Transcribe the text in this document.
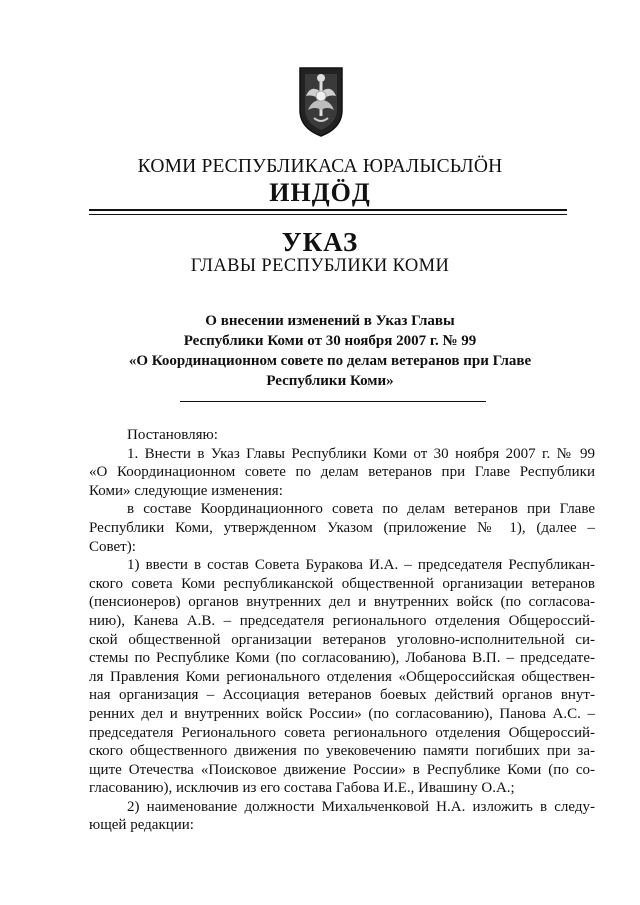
КОМИ РЕСПУБЛИКАСА ЮРАЛЫСЬЛÖН
ИНДÖД
УКАЗ
ГЛАВЫ РЕСПУБЛИКИ КОМИ
О внесении изменений в Указ Главы
Республики Коми от 30 ноября 2007 г. № 99
«О Координационном совете по делам ветеранов при Главе
Республики Коми»
Постановляю:
1. Внести в Указ Главы Республики Коми от 30 ноября 2007 г. № 99
«О Координационном совете по делам ветеранов при Главе Республики
Коми» следующие изменения:
в составе Координационного совета по делам ветеранов при Главе
Республики Коми, утвержденном Указом (приложение № 1), (далее –
Совет):
1) ввести в состав Совета Буракова И.А. – председателя Республикан-
ского совета Коми республиканской общественной организации ветеранов
(пенсионеров) органов внутренних дел и внутренних войск (по согласова-
нию), Канева А.В. – председателя регионального отделения Общероссий-
ской общественной организации ветеранов уголовно-исполнительной си-
стемы по Республике Коми (по согласованию), Лобанова В.П. – председате-
ля Правления Коми регионального отделения «Общероссийская обществен-
ная организация – Ассоциация ветеранов боевых действий органов внут-
ренних дел и внутренних войск России» (по согласованию), Панова А.С. –
председателя Регионального совета регионального отделения Общероссий-
ского общественного движения по увековечению памяти погибших при за-
щите Отечества «Поисковое движение России» в Республике Коми (по со-
гласованию), исключив из его состава Габова И.Е., Ивашину О.А.;
2) наименование должности Михальченковой Н.А. изложить в следу-
ющей редакции:
